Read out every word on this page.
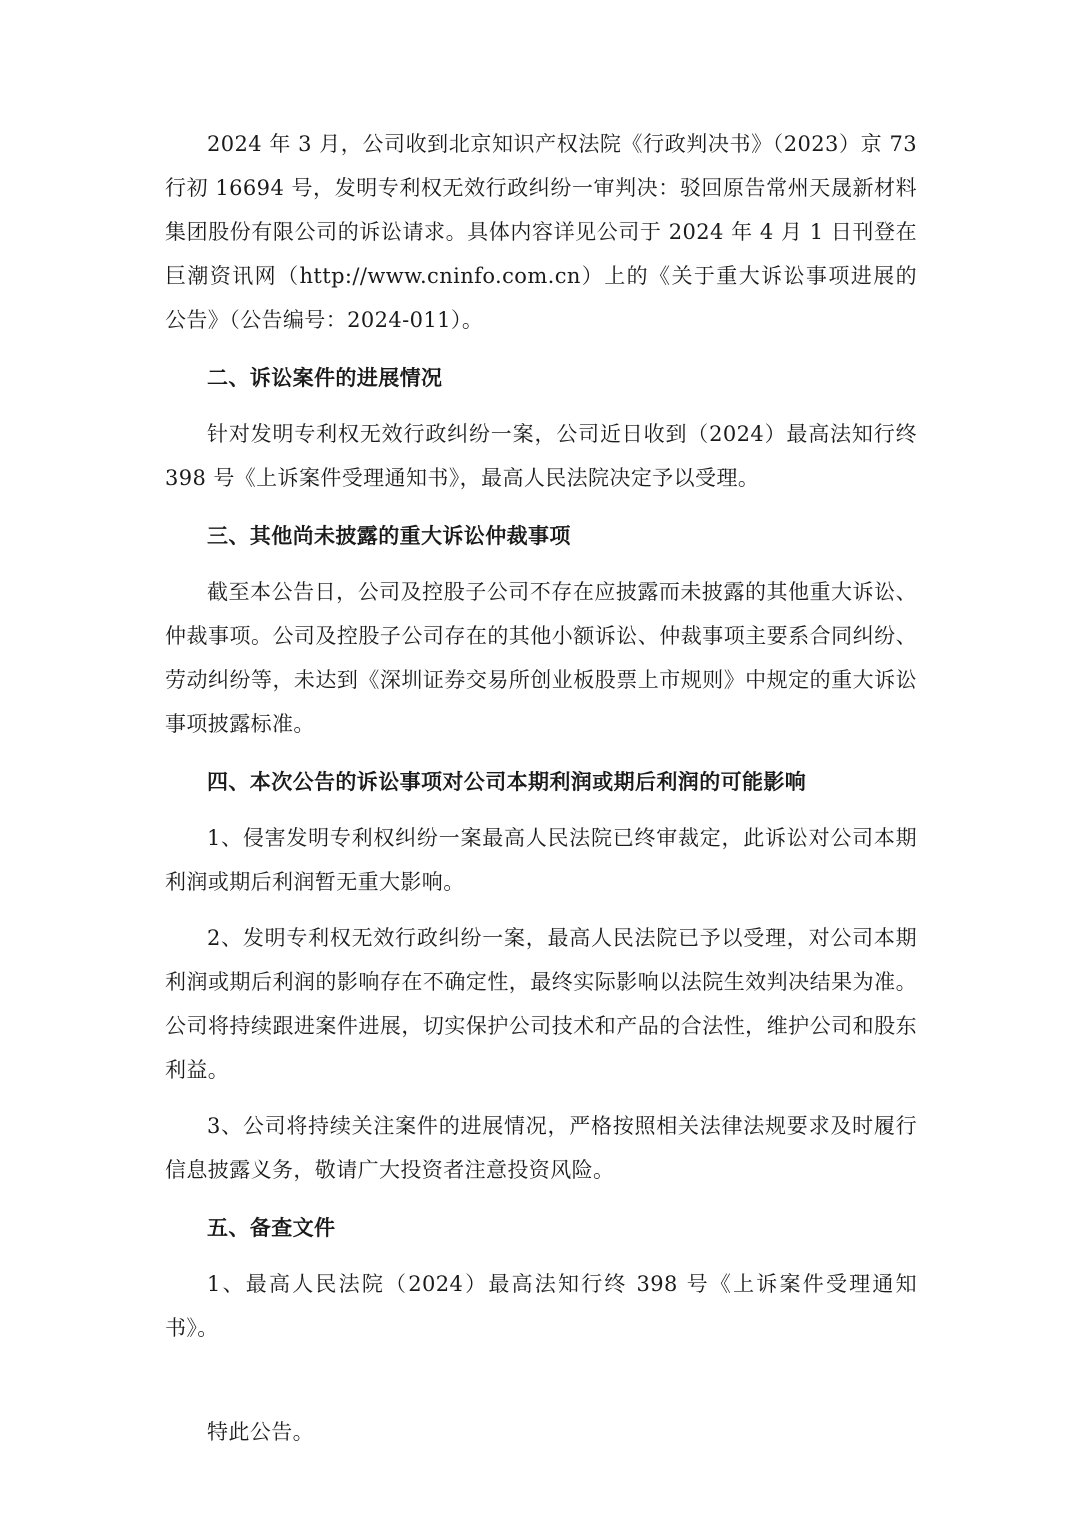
2024 年 3 月，公司收到北京知识产权法院《行政判决书》（2023）京 73 行初 16694 号，发明专利权无效行政纠纷一审判决：驳回原告常州天晟新材料集团股份有限公司的诉讼请求。具体内容详见公司于 2024 年 4 月 1 日刊登在巨潮资讯网（http://www.cninfo.com.cn）上的《关于重大诉讼事项进展的公告》（公告编号：2024-011）。

二、诉讼案件的进展情况

针对发明专利权无效行政纠纷一案，公司近日收到（2024）最高法知行终 398 号《上诉案件受理通知书》，最高人民法院决定予以受理。

三、其他尚未披露的重大诉讼仲裁事项

截至本公告日，公司及控股子公司不存在应披露而未披露的其他重大诉讼、仲裁事项。公司及控股子公司存在的其他小额诉讼、仲裁事项主要系合同纠纷、劳动纠纷等，未达到《深圳证券交易所创业板股票上市规则》中规定的重大诉讼事项披露标准。

四、本次公告的诉讼事项对公司本期利润或期后利润的可能影响

1、侵害发明专利权纠纷一案最高人民法院已终审裁定，此诉讼对公司本期利润或期后利润暂无重大影响。

2、发明专利权无效行政纠纷一案，最高人民法院已予以受理，对公司本期利润或期后利润的影响存在不确定性，最终实际影响以法院生效判决结果为准。公司将持续跟进案件进展，切实保护公司技术和产品的合法性，维护公司和股东利益。

3、公司将持续关注案件的进展情况，严格按照相关法律法规要求及时履行信息披露义务，敬请广大投资者注意投资风险。

五、备查文件

1、最高人民法院（2024）最高法知行终 398 号《上诉案件受理通知书》。

特此公告。
